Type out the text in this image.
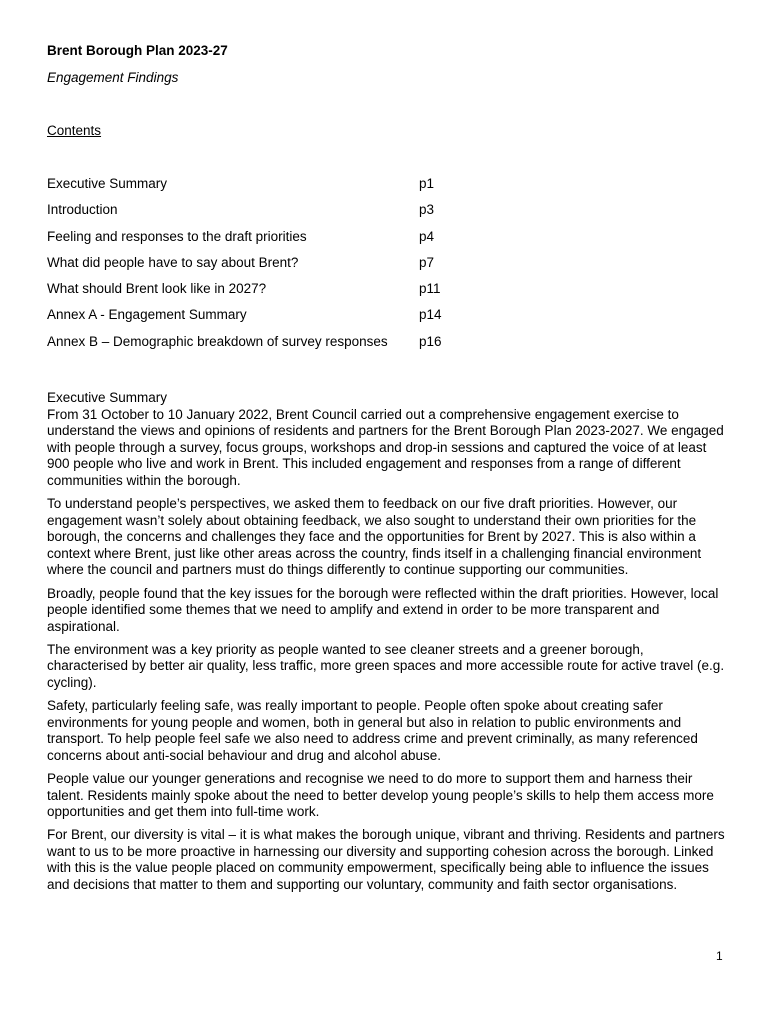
Brent Borough Plan 2023-27
Engagement Findings
Contents
Executive Summary	p1
Introduction	p3
Feeling and responses to the draft priorities	p4
What did people have to say about Brent?	p7
What should Brent look like in 2027?	p11
Annex A - Engagement Summary	p14
Annex B – Demographic breakdown of survey responses p16

Executive Summary

From 31 October to 10 January 2022, Brent Council carried out a comprehensive engagement exercise to understand the views and opinions of residents and partners for the Brent Borough Plan 2023-2027. We engaged with people through a survey, focus groups, workshops and drop-in sessions and captured the voice of at least 900 people who live and work in Brent. This included engagement and responses from a range of different communities within the borough.

To understand people’s perspectives, we asked them to feedback on our five draft priorities. However, our engagement wasn’t solely about obtaining feedback, we also sought to understand their own priorities for the borough, the concerns and challenges they face and the opportunities for Brent by 2027. This is also within a context where Brent, just like other areas across the country, finds itself in a challenging financial environment where the council and partners must do things differently to continue supporting our communities.

Broadly, people found that the key issues for the borough were reflected within the draft priorities. However, local people identified some themes that we need to amplify and extend in order to be more transparent and aspirational.

The environment was a key priority as people wanted to see cleaner streets and a greener borough, characterised by better air quality, less traffic, more green spaces and more accessible route for active travel (e.g. cycling).

Safety, particularly feeling safe, was really important to people. People often spoke about creating safer environments for young people and women, both in general but also in relation to public environments and transport. To help people feel safe we also need to address crime and prevent criminally, as many referenced concerns about anti-social behaviour and drug and alcohol abuse.

People value our younger generations and recognise we need to do more to support them and harness their talent. Residents mainly spoke about the need to better develop young people’s skills to help them access more opportunities and get them into full-time work.

For Brent, our diversity is vital – it is what makes the borough unique, vibrant and thriving. Residents and partners want to us to be more proactive in harnessing our diversity and supporting cohesion across the borough. Linked with this is the value people placed on community empowerment, specifically being able to influence the issues and decisions that matter to them and supporting our voluntary, community and faith sector organisations.

1
